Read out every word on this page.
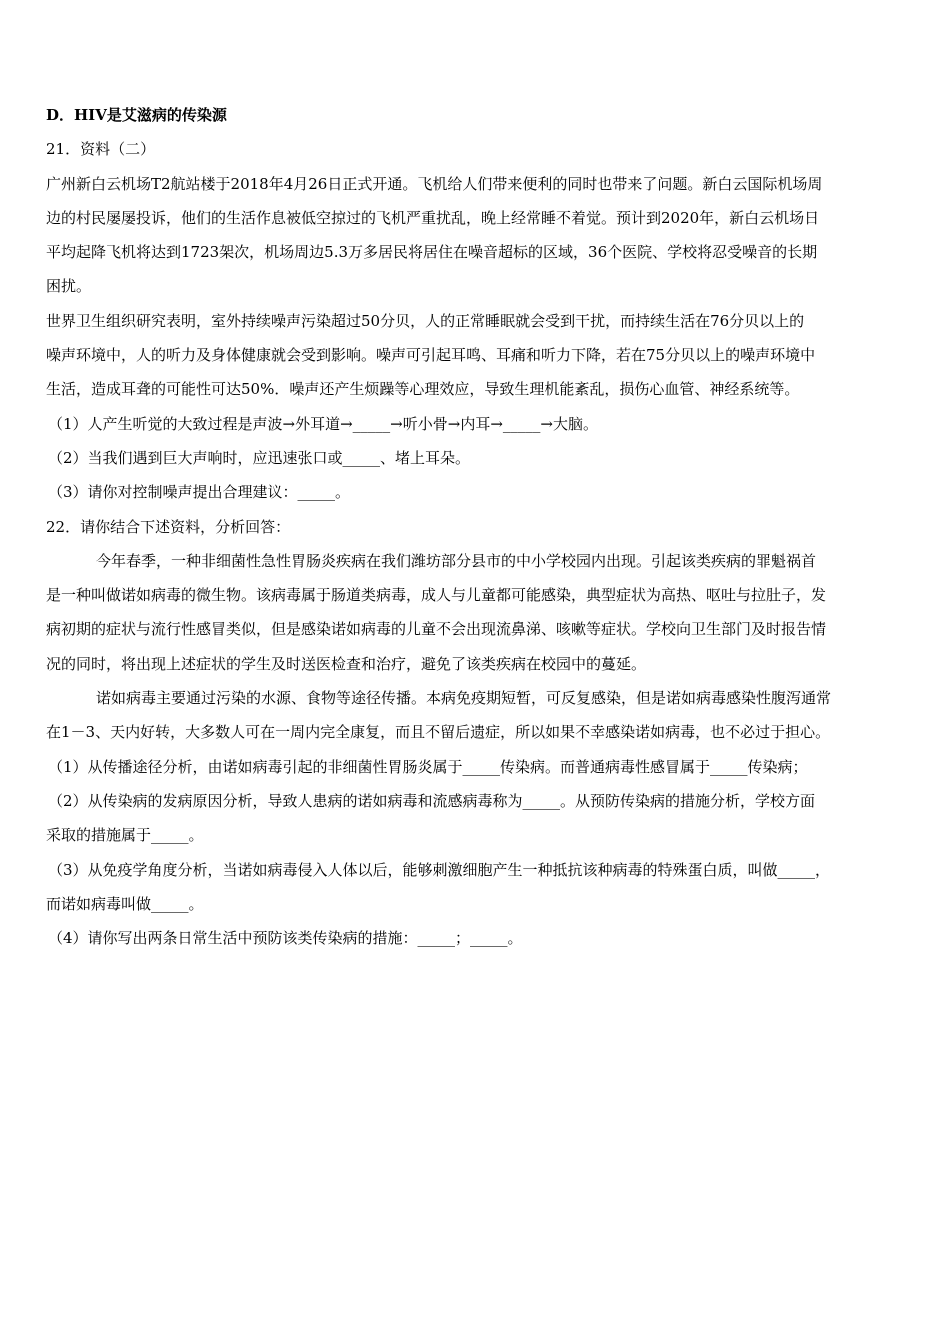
D．HIV是艾滋病的传染源
21．资料（二）
广州新白云机场T2航站楼于2018年4月26日正式开通。飞机给人们带来便利的同时也带来了问题。新白云国际机场周
边的村民屡屡投诉，他们的生活作息被低空掠过的飞机严重扰乱，晚上经常睡不着觉。预计到2020年，新白云机场日
平均起降飞机将达到1723架次，机场周边5.3万多居民将居住在噪音超标的区域，36个医院、学校将忍受噪音的长期
困扰。
世界卫生组织研究表明，室外持续噪声污染超过50分贝，人的正常睡眠就会受到干扰，而持续生活在76分贝以上的
噪声环境中，人的听力及身体健康就会受到影响。噪声可引起耳鸣、耳痛和听力下降，若在75分贝以上的噪声环境中
生活，造成耳聋的可能性可达50%．噪声还产生烦躁等心理效应，导致生理机能紊乱，损伤心血管、神经系统等。
（1）人产生听觉的大致过程是声波→外耳道→_____→听小骨→内耳→_____→大脑。
（2）当我们遇到巨大声响时，应迅速张口或_____、堵上耳朵。
（3）请你对控制噪声提出合理建议：_____。
22．请你结合下述资料，分析回答：
今年春季，一种非细菌性急性胃肠炎疾病在我们潍坊部分县市的中小学校园内出现。引起该类疾病的罪魁祸首
是一种叫做诺如病毒的微生物。该病毒属于肠道类病毒，成人与儿童都可能感染，典型症状为高热、呕吐与拉肚子，发
病初期的症状与流行性感冒类似，但是感染诺如病毒的儿童不会出现流鼻涕、咳嗽等症状。学校向卫生部门及时报告情
况的同时，将出现上述症状的学生及时送医检查和治疗，避免了该类疾病在校园中的蔓延。
诺如病毒主要通过污染的水源、食物等途径传播。本病免疫期短暂，可反复感染，但是诺如病毒感染性腹泻通常
在1－3、天内好转，大多数人可在一周内完全康复，而且不留后遗症，所以如果不幸感染诺如病毒，也不必过于担心。
（1）从传播途径分析，由诺如病毒引起的非细菌性胃肠炎属于_____传染病。而普通病毒性感冒属于_____传染病；
（2）从传染病的发病原因分析，导致人患病的诺如病毒和流感病毒称为_____。从预防传染病的措施分析，学校方面
采取的措施属于_____。
（3）从免疫学角度分析，当诺如病毒侵入人体以后，能够刺激细胞产生一种抵抗该种病毒的特殊蛋白质，叫做_____，
而诺如病毒叫做_____。
（4）请你写出两条日常生活中预防该类传染病的措施：_____；_____。
